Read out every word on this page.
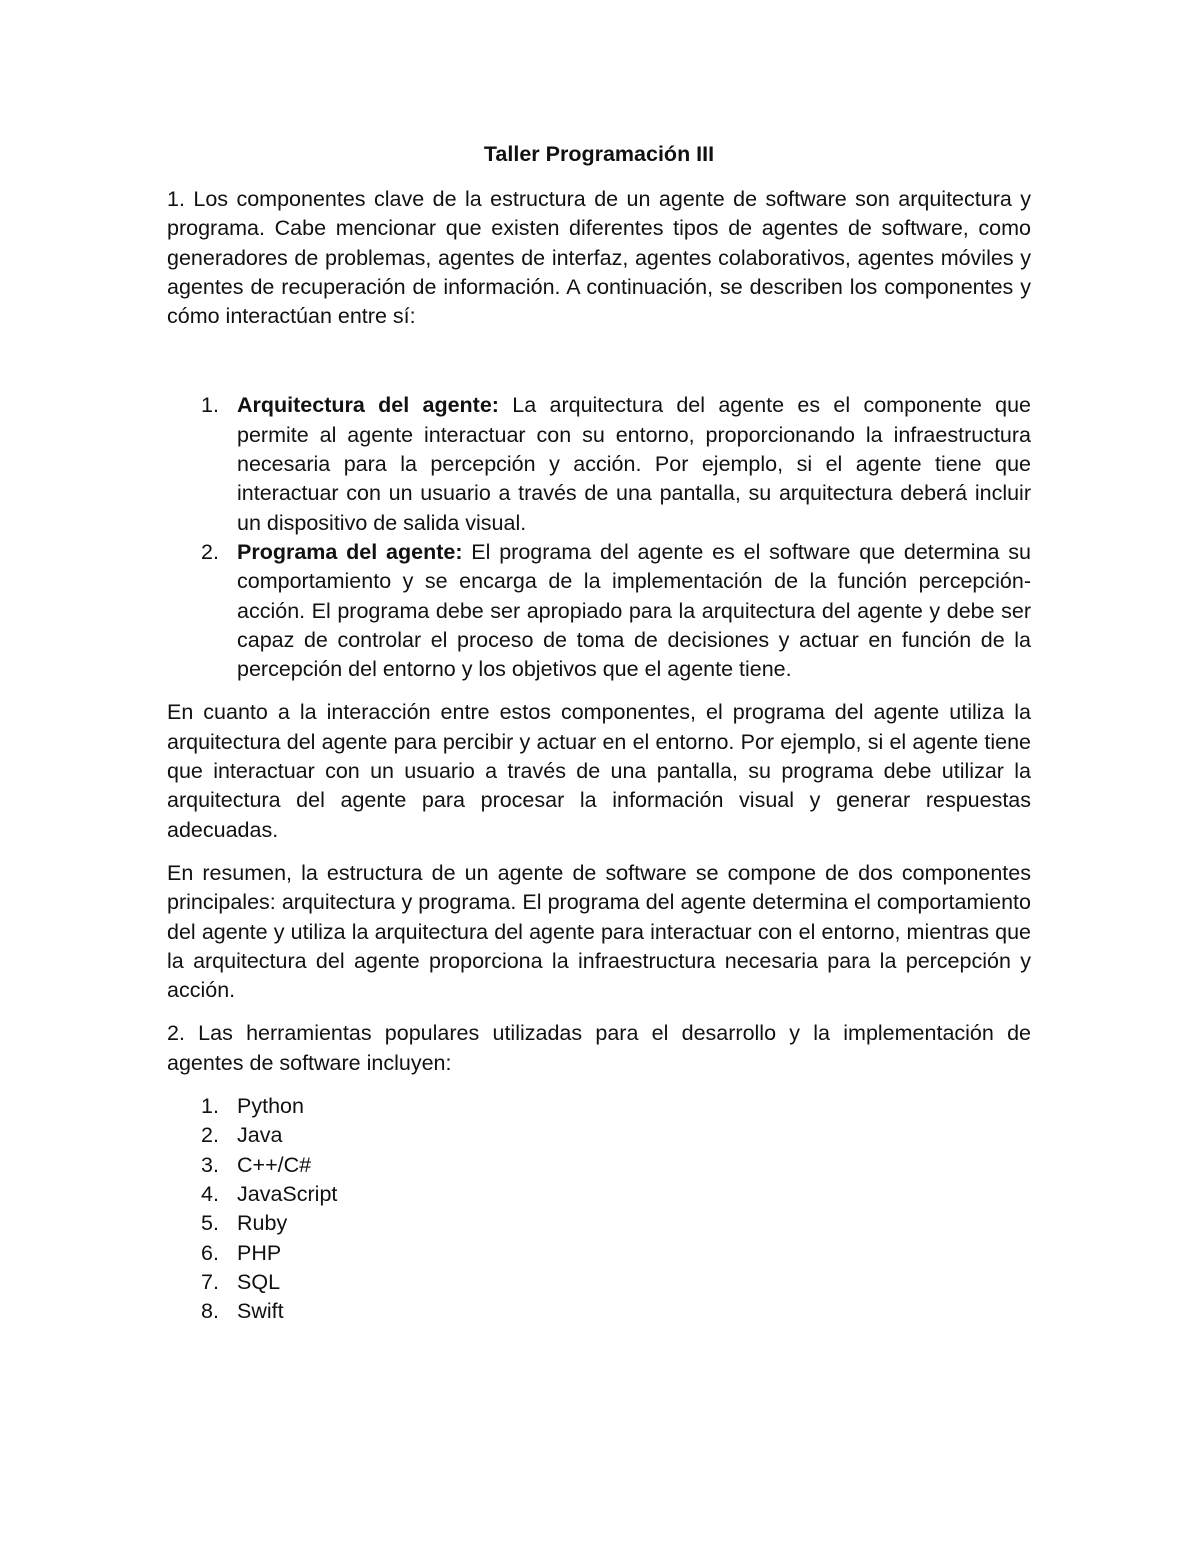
Taller Programación III

1. Los componentes clave de la estructura de un agente de software son arquitectura y programa. Cabe mencionar que existen diferentes tipos de agentes de software, como generadores de problemas, agentes de interfaz, agentes colaborativos, agentes móviles y agentes de recuperación de información. A continuación, se describen los componentes y cómo interactúan entre sí:

1. Arquitectura del agente: La arquitectura del agente es el componente que permite al agente interactuar con su entorno, proporcionando la infraestructura necesaria para la percepción y acción. Por ejemplo, si el agente tiene que interactuar con un usuario a través de una pantalla, su arquitectura deberá incluir un dispositivo de salida visual.
2. Programa del agente: El programa del agente es el software que determina su comportamiento y se encarga de la implementación de la función percepción-acción. El programa debe ser apropiado para la arquitectura del agente y debe ser capaz de controlar el proceso de toma de decisiones y actuar en función de la percepción del entorno y los objetivos que el agente tiene.

En cuanto a la interacción entre estos componentes, el programa del agente utiliza la arquitectura del agente para percibir y actuar en el entorno. Por ejemplo, si el agente tiene que interactuar con un usuario a través de una pantalla, su programa debe utilizar la arquitectura del agente para procesar la información visual y generar respuestas adecuadas.

En resumen, la estructura de un agente de software se compone de dos componentes principales: arquitectura y programa. El programa del agente determina el comportamiento del agente y utiliza la arquitectura del agente para interactuar con el entorno, mientras que la arquitectura del agente proporciona la infraestructura necesaria para la percepción y acción.

2. Las herramientas populares utilizadas para el desarrollo y la implementación de agentes de software incluyen:

1. Python
2. Java
3. C++/C#
4. JavaScript
5. Ruby
6. PHP
7. SQL
8. Swift
